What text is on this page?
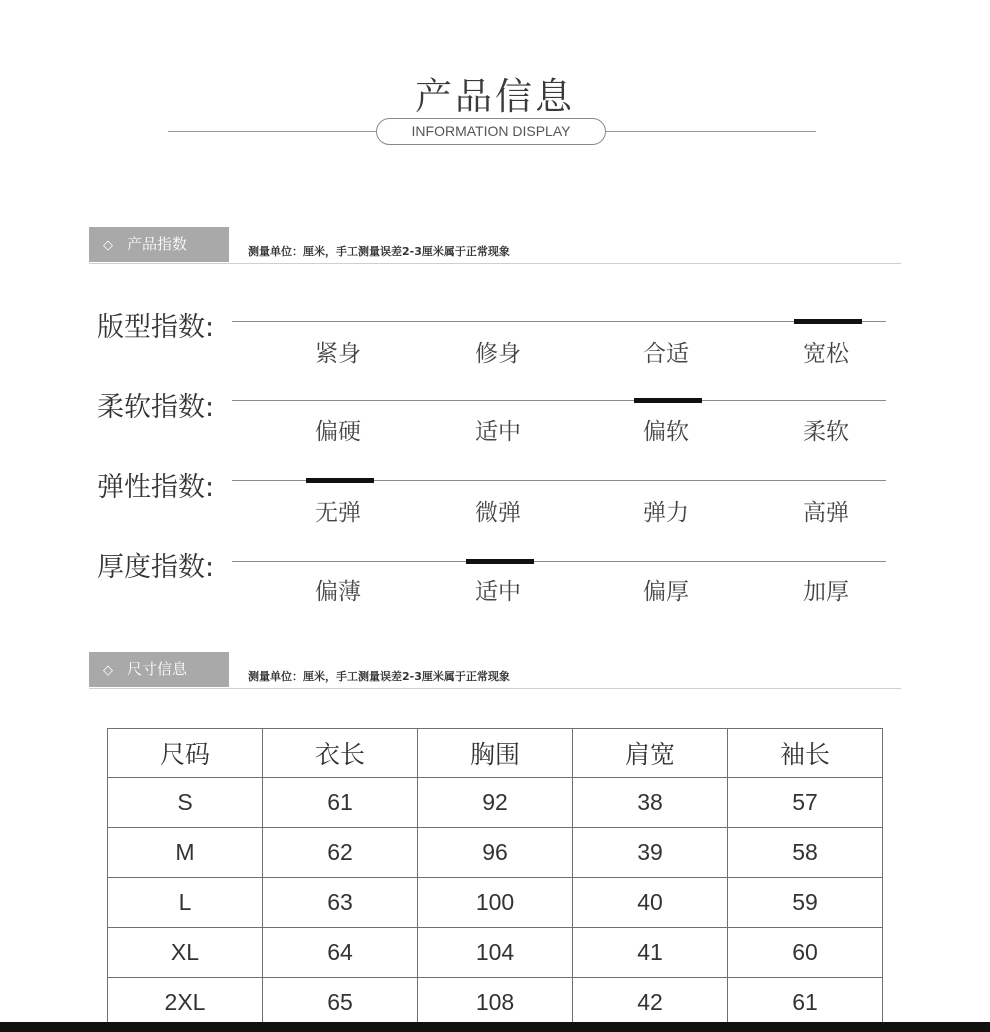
产品信息
INFORMATION DISPLAY
◇ 产品指数	测量单位：厘米，手工测量误差2-3厘米属于正常现象
版型指数:
紧身	修身	合适	宽松
柔软指数:
偏硬	适中	偏软	柔软
弹性指数:
无弹	微弹	弹力	高弹
厚度指数:
偏薄	适中	偏厚	加厚
◇ 尺寸信息	测量单位：厘米，手工测量误差2-3厘米属于正常现象
尺码	衣长	胸围	肩宽	袖长
S	61	92	38	57
M	62	96	39	58
L	63	100	40	59
XL	64	104	41	60
2XL	65	108	42	61
